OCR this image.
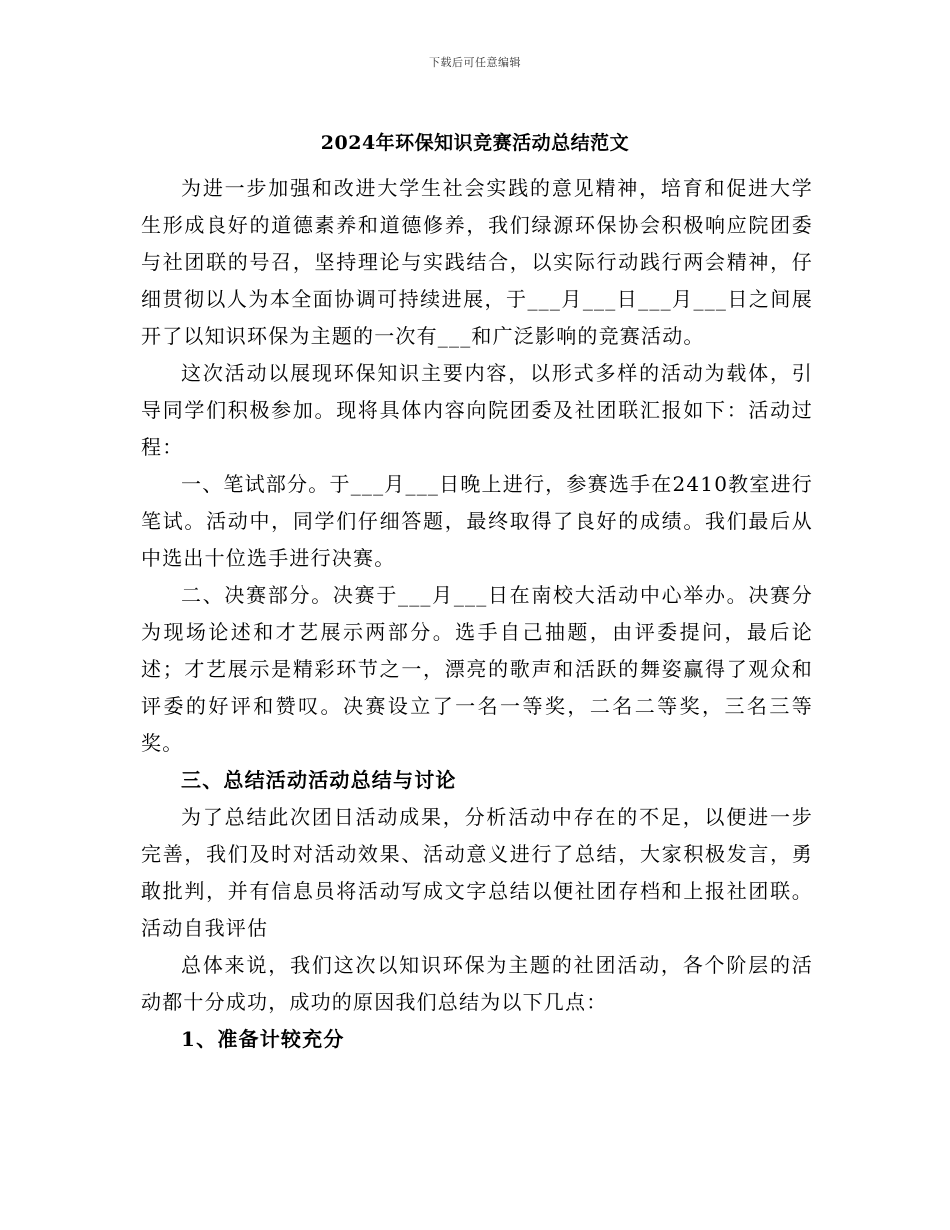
下载后可任意编辑
2024年环保知识竞赛活动总结范文

为进一步加强和改进大学生社会实践的意见精神，培育和促进大学生形成良好的道德素养和道德修养，我们绿源环保协会积极响应院团委与社团联的号召，坚持理论与实践结合，以实际行动践行两会精神，仔细贯彻以人为本全面协调可持续进展，于___月___日___月___日之间展开了以知识环保为主题的一次有___和广泛影响的竞赛活动。

这次活动以展现环保知识主要内容，以形式多样的活动为载体，引导同学们积极参加。现将具体内容向院团委及社团联汇报如下：活动过程：

一、笔试部分。于___月___日晚上进行，参赛选手在2410教室进行笔试。活动中，同学们仔细答题，最终取得了良好的成绩。我们最后从中选出十位选手进行决赛。

二、决赛部分。决赛于___月___日在南校大活动中心举办。决赛分为现场论述和才艺展示两部分。选手自己抽题，由评委提问，最后论述；才艺展示是精彩环节之一，漂亮的歌声和活跃的舞姿赢得了观众和评委的好评和赞叹。决赛设立了一名一等奖，二名二等奖，三名三等奖。

三、总结活动活动总结与讨论

为了总结此次团日活动成果，分析活动中存在的不足，以便进一步完善，我们及时对活动效果、活动意义进行了总结，大家积极发言，勇敢批判，并有信息员将活动写成文字总结以便社团存档和上报社团联。活动自我评估

总体来说，我们这次以知识环保为主题的社团活动，各个阶层的活动都十分成功，成功的原因我们总结为以下几点：

1、准备计较充分
